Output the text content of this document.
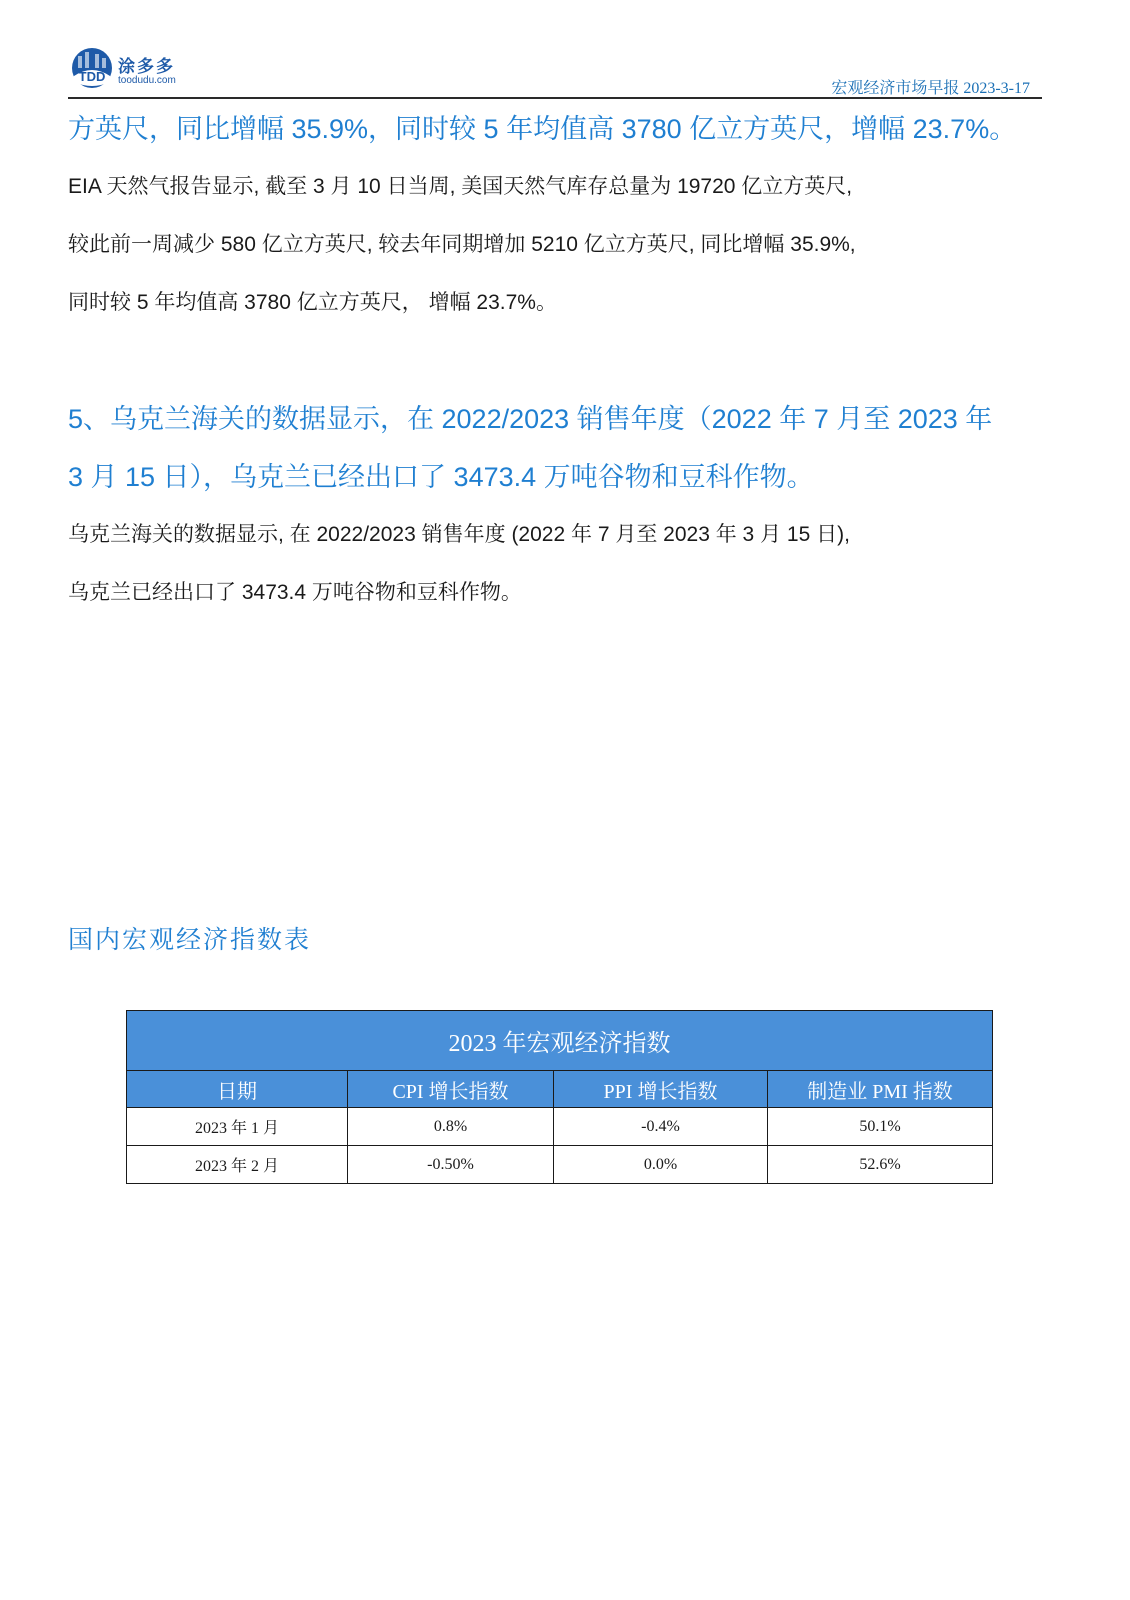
TDD
涂多多
toodudu.com	宏观经济市场早报 2023-3-17
方英尺，同比增幅 35.9%，同时较 5 年均值高 3780 亿立方英尺，增幅 23.7%。
EIA 天然气报告显示, 截至 3 月 10 日当周, 美国天然气库存总量为 19720 亿立方英尺,
较此前一周减少 580 亿立方英尺, 较去年同期增加 5210 亿立方英尺, 同比增幅 35.9%,
同时较 5 年均值高 3780 亿立方英尺， 增幅 23.7%。
5、乌克兰海关的数据显示，在 2022/2023 销售年度（2022 年 7 月至 2023 年
3 月 15 日），乌克兰已经出口了 3473.4 万吨谷物和豆科作物。
乌克兰海关的数据显示, 在 2022/2023 销售年度 (2022 年 7 月至 2023 年 3 月 15 日),
乌克兰已经出口了 3473.4 万吨谷物和豆科作物。
国内宏观经济指数表
2023 年宏观经济指数			
日期	CPI 增长指数	PPI 增长指数	制造业 PMI 指数
2023 年 1 月	0.8%	-0.4%	50.1%
2023 年 2 月	-0.50%	0.0%	52.6%
